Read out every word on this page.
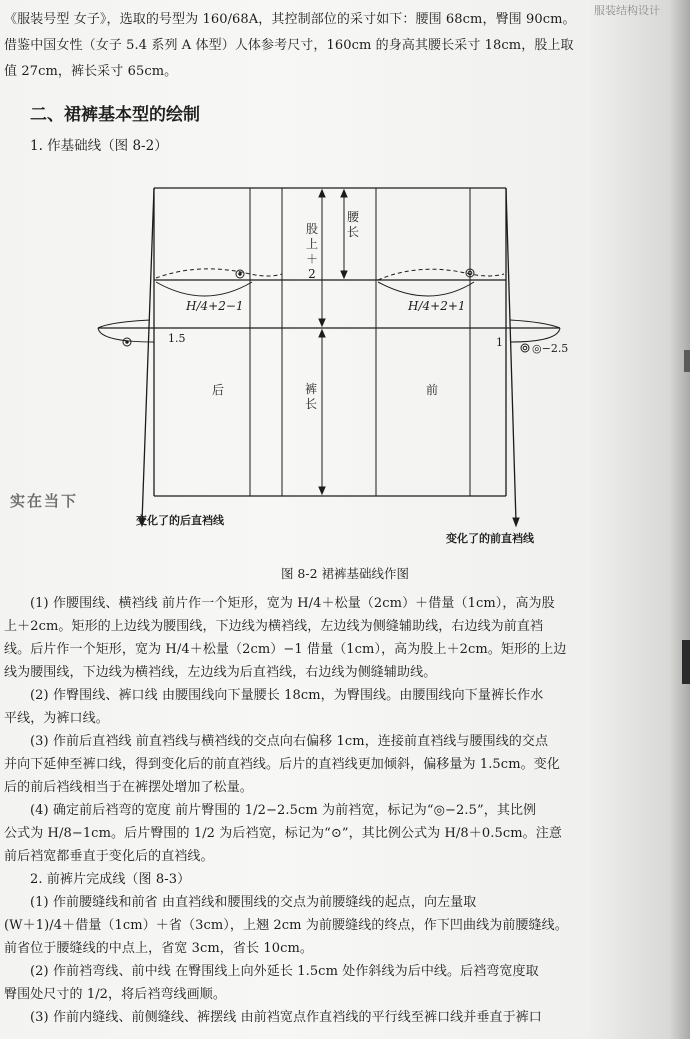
服装结构设计
《服装号型 女子》，选取的号型为 160/68A，其控制部位的采寸如下：腰围 68cm，臀围 90cm。
借鉴中国女性（女子 5.4 系列 A 体型）人体参考尺寸，160cm 的身高其腰长采寸 18cm，股上取
值 27cm，裤长采寸 65cm。
二、裙裤基本型的绘制
1. 作基础线（图 8-2）
H/4+2−1	H/4+2+1
后	前
1.5	1	◎−2.5
变化了的后直裆线
变化了的前直裆线
股上＋2
腰长
裤长
图 8-2 裙裤基础线作图
(1) 作腰围线、横裆线 前片作一个矩形，宽为 H/4＋松量（2cm）＋借量（1cm），高为股
上＋2cm。矩形的上边线为腰围线，下边线为横裆线，左边线为侧缝辅助线，右边线为前直裆
线。后片作一个矩形，宽为 H/4＋松量（2cm）−1 借量（1cm），高为股上＋2cm。矩形的上边
线为腰围线，下边线为横裆线，左边线为后直裆线，右边线为侧缝辅助线。
(2) 作臀围线、裤口线 由腰围线向下量腰长 18cm，为臀围线。由腰围线向下量裤长作水
平线，为裤口线。
(3) 作前后直裆线 前直裆线与横裆线的交点向右偏移 1cm，连接前直裆线与腰围线的交点
并向下延伸至裤口线，得到变化后的前直裆线。后片的直裆线更加倾斜，偏移量为 1.5cm。变化
后的前后裆线相当于在裤摆处增加了松量。
(4) 确定前后裆弯的宽度 前片臀围的 1/2−2.5cm 为前裆宽，标记为“◎−2.5”，其比例
公式为 H/8−1cm。后片臀围的 1/2 为后裆宽，标记为“⊙”，其比例公式为 H/8＋0.5cm。注意
前后裆宽都垂直于变化后的直裆线。
2. 前裤片完成线（图 8-3）
(1) 作前腰缝线和前省 由直裆线和腰围线的交点为前腰缝线的起点，向左量取
(W＋1)/4＋借量（1cm）＋省（3cm），上翘 2cm 为前腰缝线的终点，作下凹曲线为前腰缝线。
前省位于腰缝线的中点上，省宽 3cm，省长 10cm。
(2) 作前裆弯线、前中线 在臀围线上向外延长 1.5cm 处作斜线为后中线。后裆弯宽度取
臀围处尺寸的 1/2，将后裆弯线画顺。
(3) 作前内缝线、前侧缝线、裤摆线 由前裆宽点作直裆线的平行线至裤口线并垂直于裤口
实在当下
